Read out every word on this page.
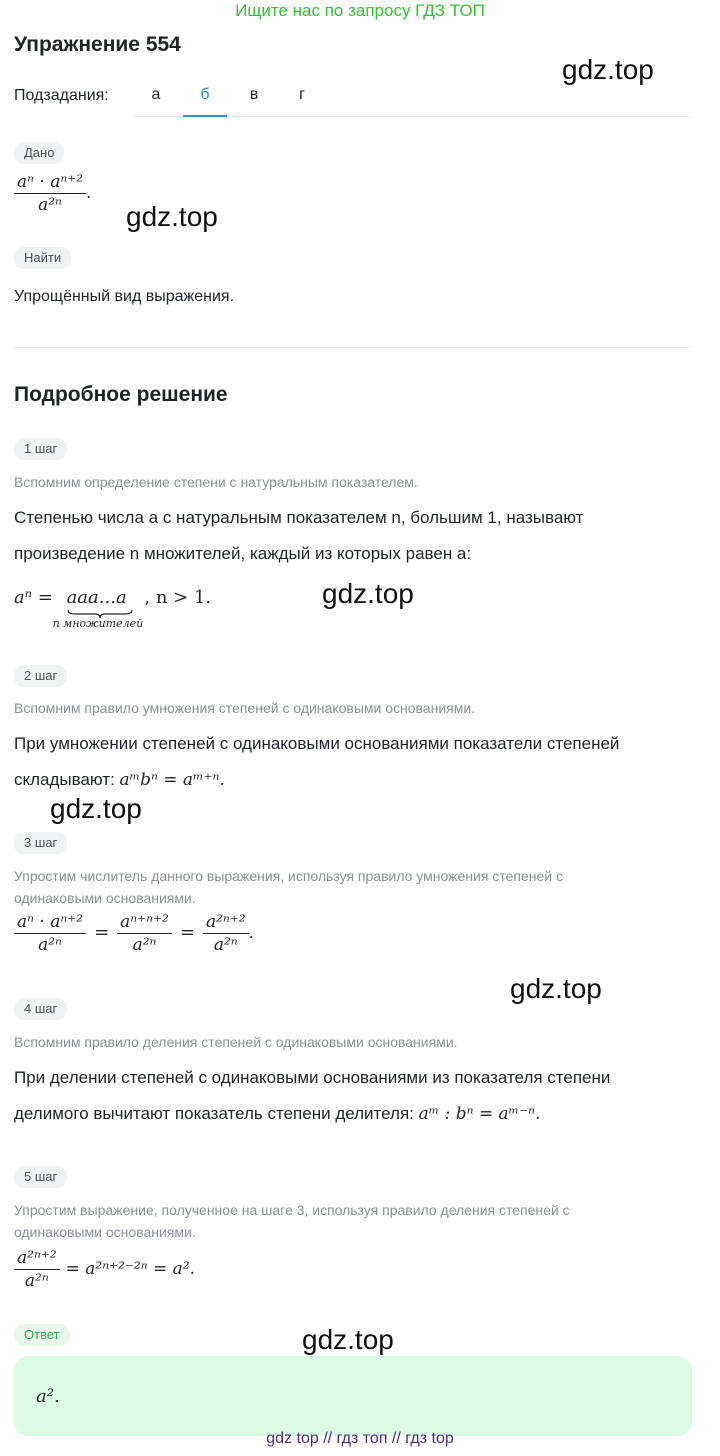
Ищите нас по запросу ГДЗ ТОП
Упражнение 554
gdz.top
Подзадания:	а	б	в	г
Дано
$\frac{\text{aⁿ · aⁿ⁺²}}{\text{a²ⁿ}}$ .
gdz.top
Найти
Упрощённый вид выражения.
Подробное решение
1 шаг
Вспомним определение степени с натуральным показателем.
Степенью числа a с натуральным показателем n, большим 1, называют
произведение n множителей, каждый из которых равен a:
aⁿ = aaa...a
n множителей
, n > 1.	gdz.top
2 шаг
Вспомним правило умножения степеней с одинаковыми основаниями.
При умножении степеней с одинаковыми основаниями показатели степеней
складывают: aᵐbⁿ = aᵐ⁺ⁿ.
gdz.top
3 шаг
Упростим числитель данного выражения, используя правило умножения степеней с
одинаковыми основаниями.
$\frac{\text{aⁿ · aⁿ⁺²}}{\text{a²ⁿ}} = \frac{\text{aⁿ⁺ⁿ⁺²}}{\text{a²ⁿ}} = \frac{\text{a²ⁿ⁺²}}{\text{a²ⁿ}}$ .
gdz.top
4 шаг
Вспомним правило деления степеней с одинаковыми основаниями.
При делении степеней с одинаковыми основаниями из показателя степени
делимого вычитают показатель степени делителя: aᵐ : bⁿ = aᵐ⁻ⁿ.
5 шаг
Упростим выражение, полученное на шаге 3, используя правило деления степеней с
одинаковыми основаниями.
$\frac{\text{a²ⁿ⁺²}}{\text{a²ⁿ}} = a^{2n+2-2n} = a^2$.
Ответ	gdz.top
a².
gdz top // гдз топ // гдз top
